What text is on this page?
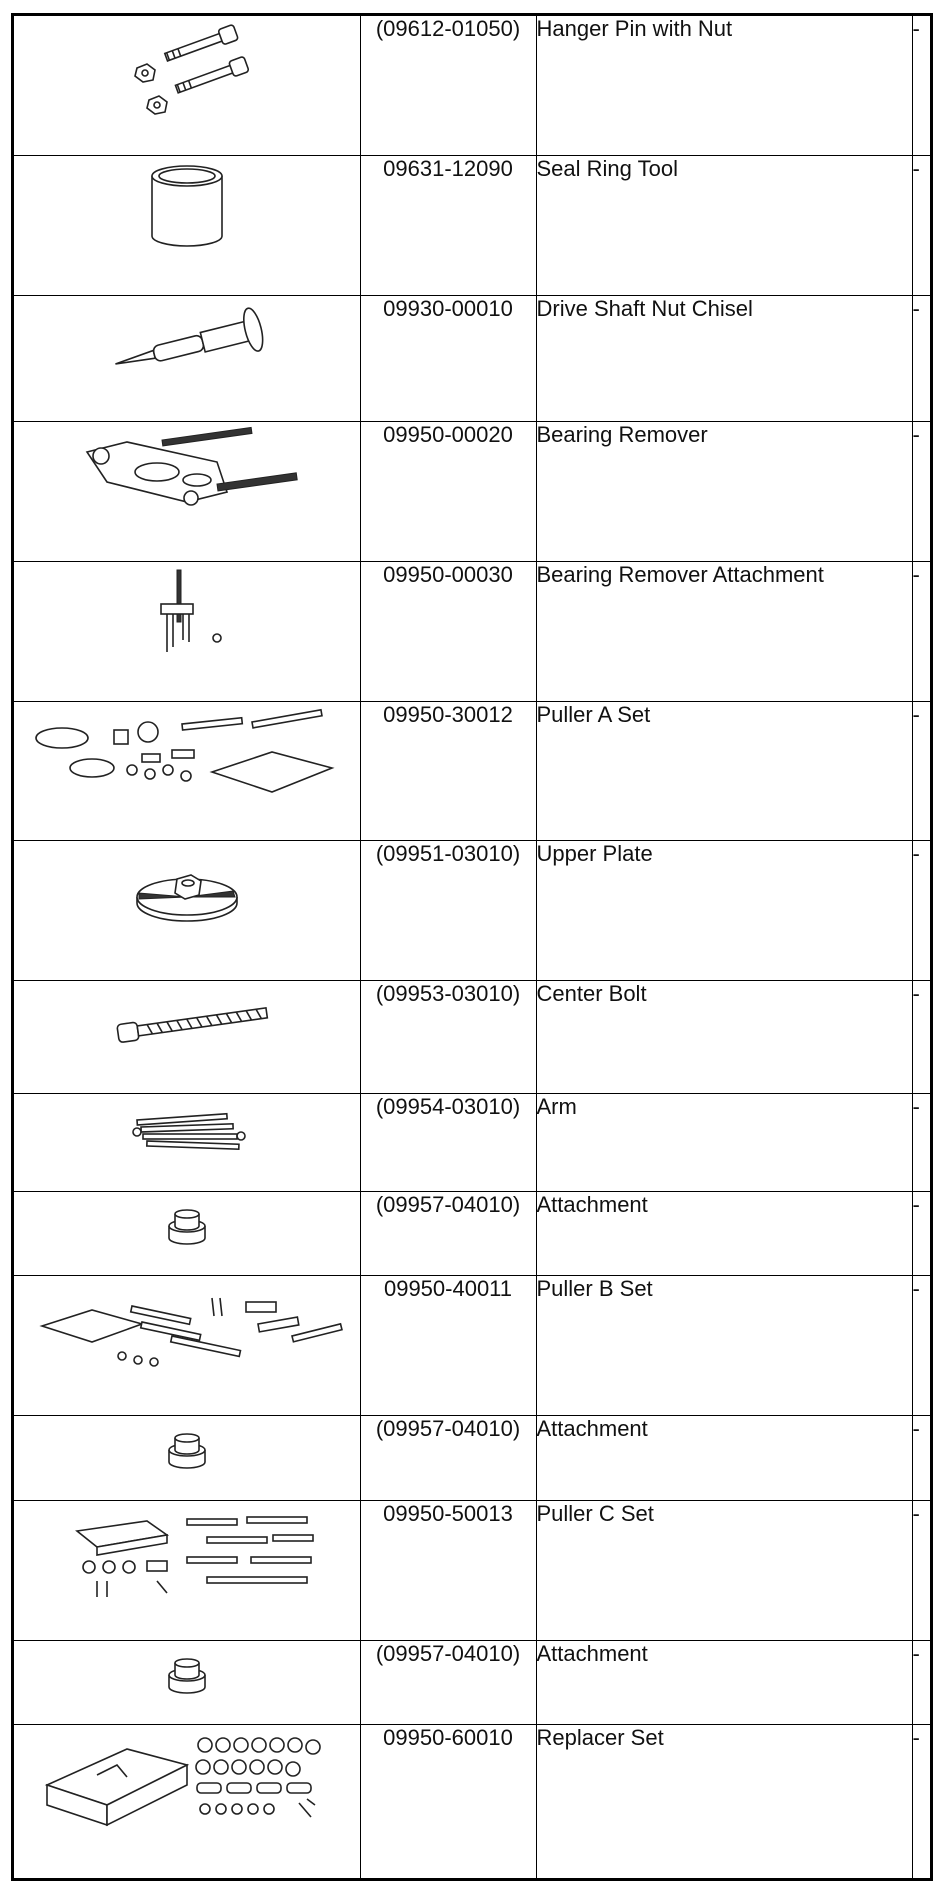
	(09612-01050)	Hanger Pin with Nut	-

	09631-12090	Seal Ring Tool	-

	09930-00010	Drive Shaft Nut Chisel	-

	09950-00020	Bearing Remover	-

	09950-00030	Bearing Remover Attachment	-

	09950-30012	Puller A Set	-

	(09951-03010)	Upper Plate	-

	(09953-03010)	Center Bolt	-

	(09954-03010)	Arm	-

	(09957-04010)	Attachment	-

	09950-40011	Puller B Set	-

	(09957-04010)	Attachment	-

	09950-50013	Puller C Set	-

	(09957-04010)	Attachment	-

	09950-60010	Replacer Set	-
